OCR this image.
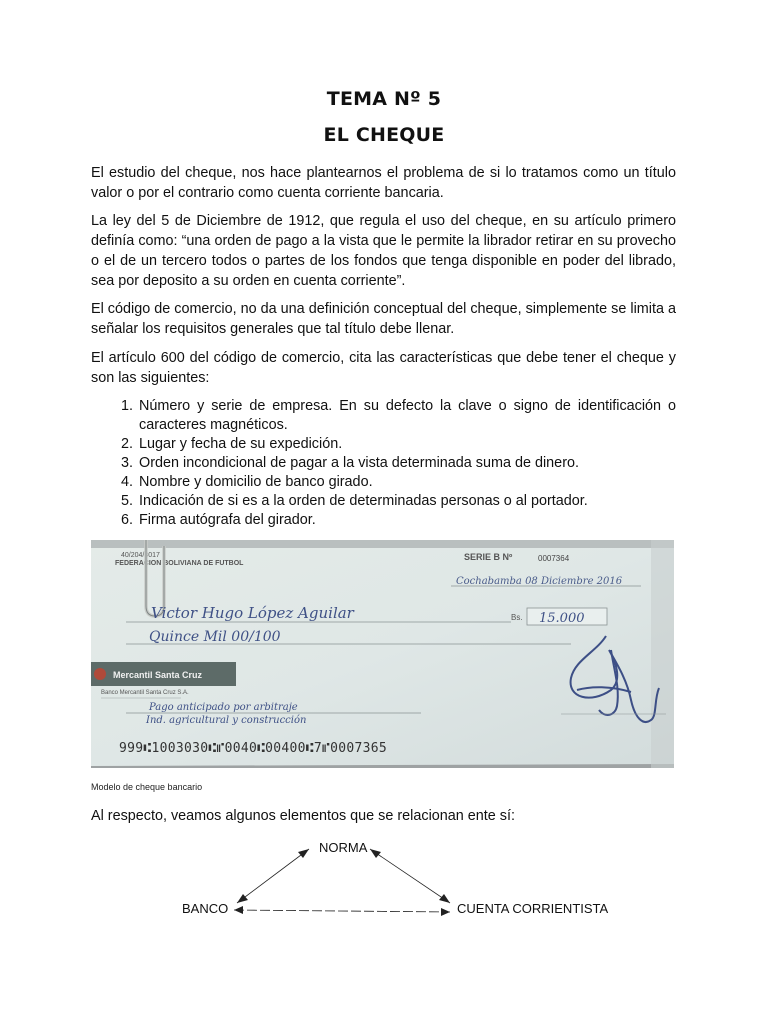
TEMA Nº 5
EL CHEQUE

El estudio del cheque, nos hace plantearnos el problema de si lo tratamos como un título valor o por el contrario como cuenta corriente bancaria.

La ley del 5 de Diciembre de 1912, que regula el uso del cheque, en su artículo primero definía como: “una orden de pago a la vista que le permite la librador retirar en su provecho o el de un tercero todos o partes de los fondos que tenga disponible en poder del librado, sea por deposito a su orden en cuenta corriente”.

El código de comercio, no da una definición conceptual del cheque, simplemente se limita a señalar los requisitos generales que tal título debe llenar.

El artículo 600 del código de comercio, cita las características que debe tener el cheque y son las siguientes:

1. Número y serie de empresa. En su defecto la clave o signo de identificación o caracteres magnéticos.
2. Lugar y fecha de su expedición.
3. Orden incondicional de pagar a la vista determinada suma de dinero.
4. Nombre y domicilio de banco girado.
5. Indicación de si es a la orden de determinadas personas o al portador.
6. Firma autógrafa del girador.
40/204/8017
FEDERACION BOLIVIANA DE FUTBOL
SERIE B Nº	0007364
Cochabamba 08 Diciembre 2016
Victor Hugo López Aguilar	Bs. 15.000
Quince Mil 00/100
Mercantil Santa Cruz
Banco Mercantil Santa Cruz S.A.
Pago anticipado por arbitraje
Ind. agricultural y construcción
999⑆1003030⑆⑈0040⑆00400⑆7⑈0007365
Modelo de cheque bancario

Al respecto, veamos algunos elementos que se relacionan ente sí:

NORMA
BANCO	CUENTA CORRIENTISTA
